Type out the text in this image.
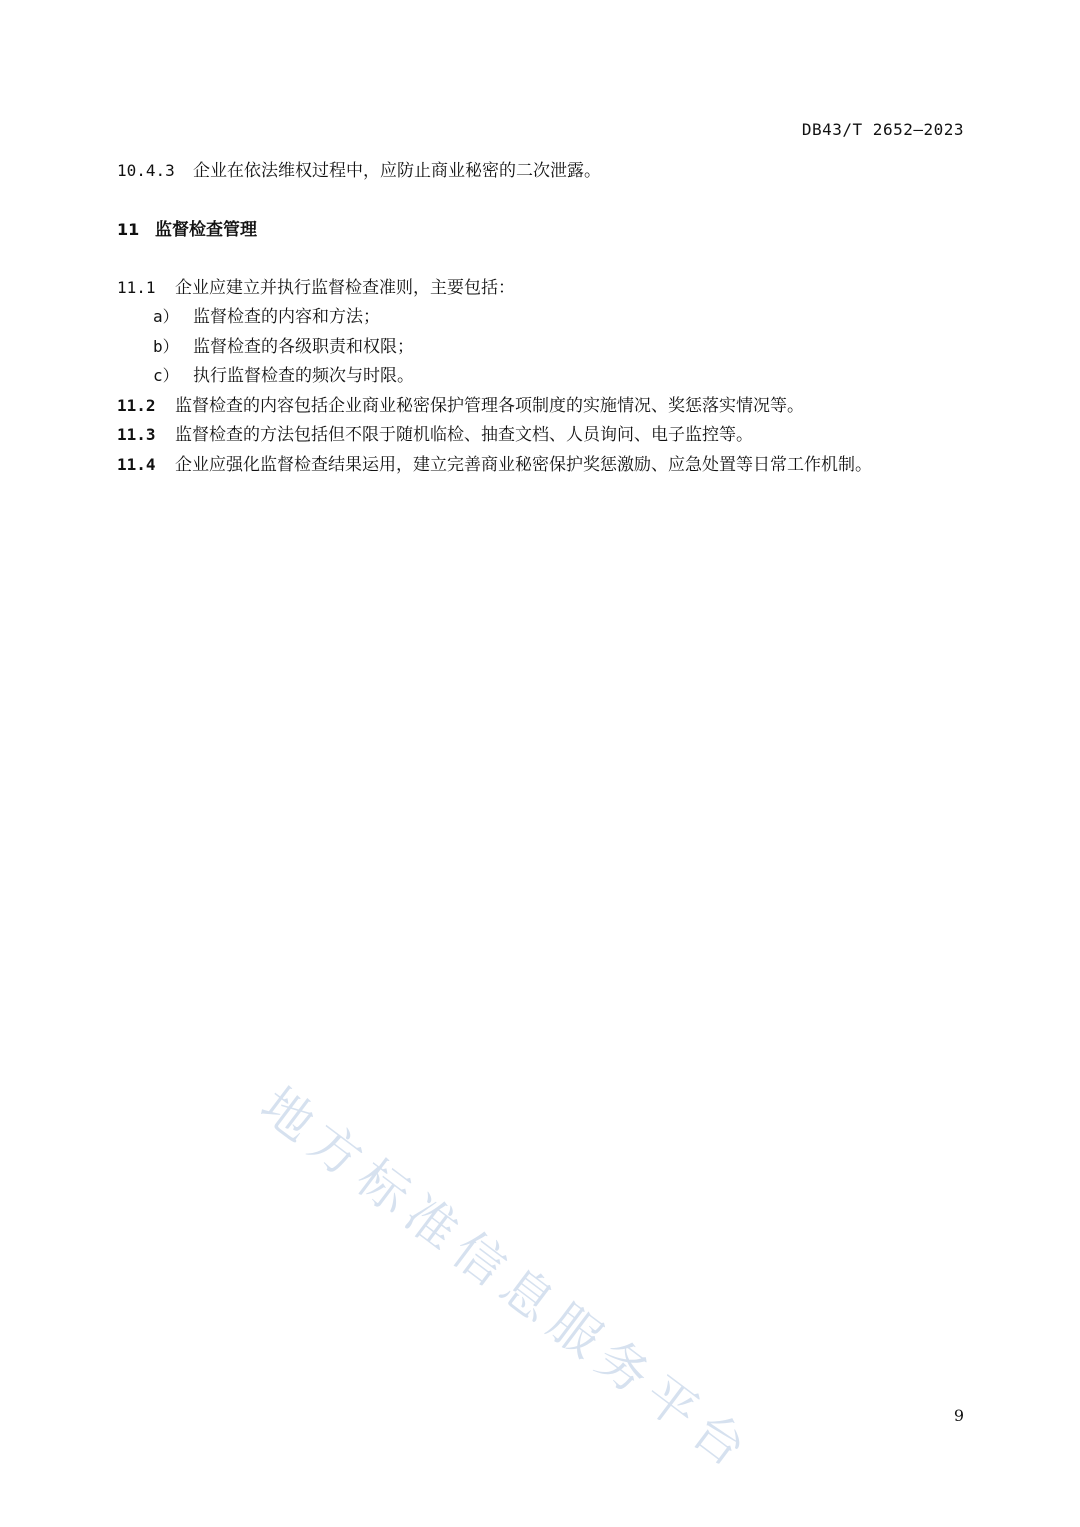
DB43/T 2652—2023
10.4.3 企业在依法维权过程中，应防止商业秘密的二次泄露。
11 监督检查管理
11.1 企业应建立并执行监督检查准则，主要包括：
a） 监督检查的内容和方法；
b） 监督检查的各级职责和权限；
c） 执行监督检查的频次与时限。
11.2 监督检查的内容包括企业商业秘密保护管理各项制度的实施情况、奖惩落实情况等。
11.3 监督检查的方法包括但不限于随机临检、抽查文档、人员询问、电子监控等。
11.4 企业应强化监督检查结果运用，建立完善商业秘密保护奖惩激励、应急处置等日常工作机制。
地方标准信息服务平台	9
